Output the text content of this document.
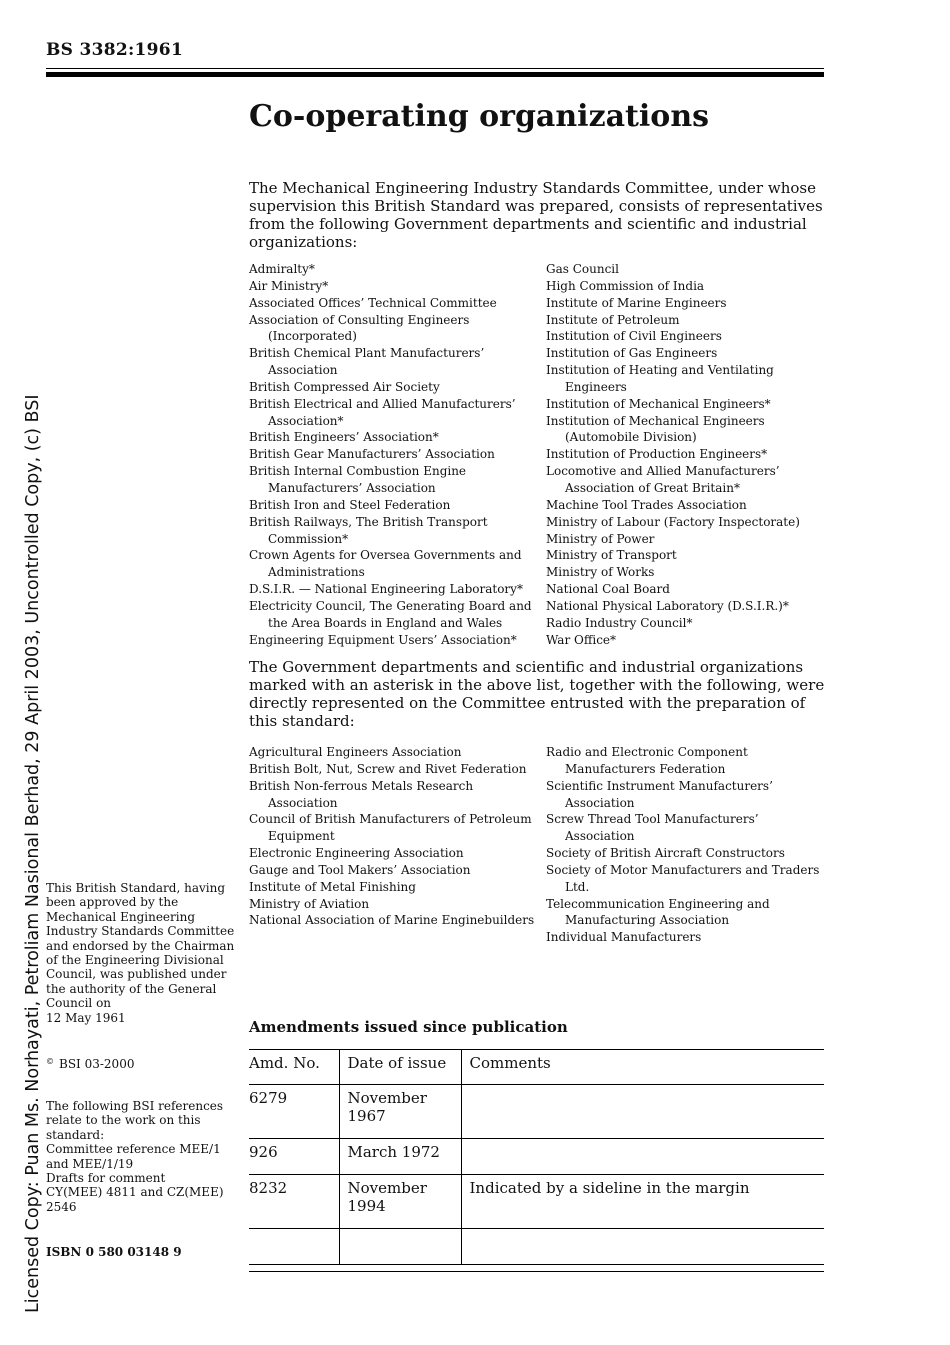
BS 3382:1961
Co-operating organizations
The Mechanical Engineering Industry Standards Committee, under whose supervision this British Standard was prepared, consists of representatives from the following Government departments and scientific and industrial organizations:
Admiralty*
Air Ministry*
Associated Offices’ Technical Committee
Association of Consulting Engineers (Incorporated)
British Chemical Plant Manufacturers’ Association
British Compressed Air Society
British Electrical and Allied Manufacturers’ Association*
British Engineers’ Association*
British Gear Manufacturers’ Association
British Internal Combustion Engine Manufacturers’ Association
British Iron and Steel Federation
British Railways, The British Transport Commission*
Crown Agents for Oversea Governments and Administrations
D.S.I.R. — National Engineering Laboratory*
Electricity Council, The Generating Board and the Area Boards in England and Wales
Engineering Equipment Users’ Association*
Gas Council
High Commission of India
Institute of Marine Engineers
Institute of Petroleum
Institution of Civil Engineers
Institution of Gas Engineers
Institution of Heating and Ventilating Engineers
Institution of Mechanical Engineers*
Institution of Mechanical Engineers (Automobile Division)
Institution of Production Engineers*
Locomotive and Allied Manufacturers’ Association of Great Britain*
Machine Tool Trades Association
Ministry of Labour (Factory Inspectorate)
Ministry of Power
Ministry of Transport
Ministry of Works
National Coal Board
National Physical Laboratory (D.S.I.R.)*
Radio Industry Council*
War Office*
The Government departments and scientific and industrial organizations marked with an asterisk in the above list, together with the following, were directly represented on the Committee entrusted with the preparation of this standard:
Agricultural Engineers Association
British Bolt, Nut, Screw and Rivet Federation
British Non-ferrous Metals Research Association
Council of British Manufacturers of Petroleum Equipment
Electronic Engineering Association
Gauge and Tool Makers’ Association
Institute of Metal Finishing
Ministry of Aviation
National Association of Marine Enginebuilders
Radio and Electronic Component Manufacturers Federation
Scientific Instrument Manufacturers’ Association
Screw Thread Tool Manufacturers’ Association
Society of British Aircraft Constructors
Society of Motor Manufacturers and Traders Ltd.
Telecommunication Engineering and Manufacturing Association
Individual Manufacturers
This British Standard, having been approved by the Mechanical Engineering Industry Standards Committee and endorsed by the Chairman of the Engineering Divisional Council, was published under the authority of the General Council on
12 May 1961
© BSI 03-2000
The following BSI references relate to the work on this standard:
Committee reference MEE/1 and MEE/1/19
Drafts for comment
CY(MEE) 4811 and CZ(MEE) 2546
ISBN 0 580 03148 9
Amendments issued since publication
Amd. No.	Date of issue	Comments
6279	November 1967	
926	March 1972	
8232	November 1994	Indicated by a sideline in the margin

Licensed Copy: Puan Ms. Norhayati, Petroliam Nasional Berhad, 29 April 2003, Uncontrolled Copy, (c) BSI
